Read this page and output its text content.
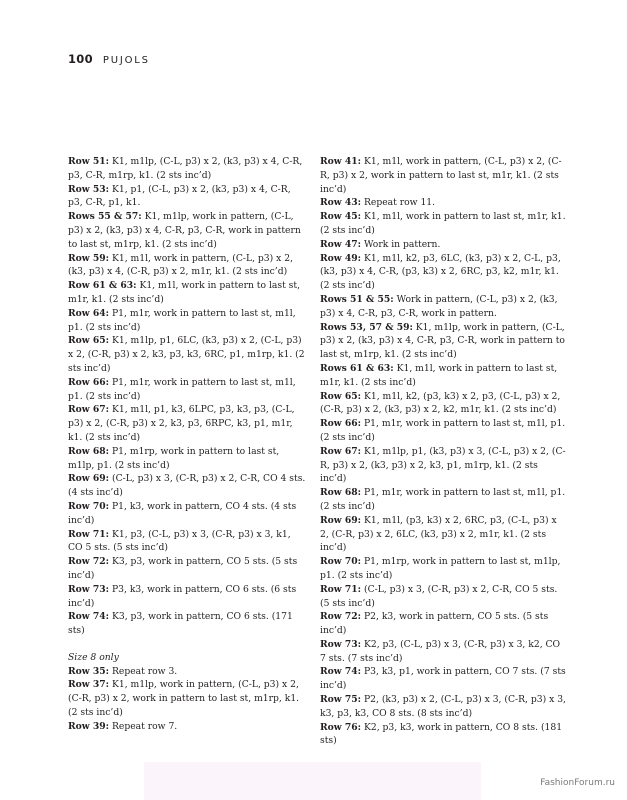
100 PUJOLS

Row 51: K1, m1lp, (C-L, p3) x 2, (k3, p3) x 4, C-R, p3, C-R, m1rp, k1. (2 sts inc’d)

Row 53: K1, p1, (C-L, p3) x 2, (k3, p3) x 4, C-R, p3, C-R, p1, k1.

Rows 55 & 57: K1, m1lp, work in pattern, (C-L, p3) x 2, (k3, p3) x 4, C-R, p3, C-R, work in pattern to last st, m1rp, k1. (2 sts inc’d)

Row 59: K1, m1l, work in pattern, (C-L, p3) x 2, (k3, p3) x 4, (C-R, p3) x 2, m1r, k1. (2 sts inc’d)

Row 61 & 63: K1, m1l, work in pattern to last st, m1r, k1. (2 sts inc’d)

Row 64: P1, m1r, work in pattern to last st, m1l, p1. (2 sts inc’d)

Row 65: K1, m1lp, p1, 6LC, (k3, p3) x 2, (C-L, p3) x 2, (C-R, p3) x 2, k3, p3, k3, 6RC, p1, m1rp, k1. (2 sts inc’d)

Row 66: P1, m1r, work in pattern to last st, m1l, p1. (2 sts inc’d)

Row 67: K1, m1l, p1, k3, 6LPC, p3, k3, p3, (C-L, p3) x 2, (C-R, p3) x 2, k3, p3, 6RPC, k3, p1, m1r, k1. (2 sts inc’d)

Row 68: P1, m1rp, work in pattern to last st, m1lp, p1. (2 sts inc’d)

Row 69: (C-L, p3) x 3, (C-R, p3) x 2, C-R, CO 4 sts. (4 sts inc’d)

Row 70: P1, k3, work in pattern, CO 4 sts. (4 sts inc’d)

Row 71: K1, p3, (C-L, p3) x 3, (C-R, p3) x 3, k1, CO 5 sts. (5 sts inc’d)

Row 72: K3, p3, work in pattern, CO 5 sts. (5 sts inc’d)

Row 73: P3, k3, work in pattern, CO 6 sts. (6 sts inc’d)

Row 74: K3, p3, work in pattern, CO 6 sts. (171 sts)

Size 8 only

Row 35: Repeat row 3.

Row 37: K1, m1lp, work in pattern, (C-L, p3) x 2, (C-R, p3) x 2, work in pattern to last st, m1rp, k1. (2 sts inc’d)

Row 39: Repeat row 7.

Row 41: K1, m1l, work in pattern, (C-L, p3) x 2, (C-R, p3) x 2, work in pattern to last st, m1r, k1. (2 sts inc’d)

Row 43: Repeat row 11.

Row 45: K1, m1l, work in pattern to last st, m1r, k1. (2 sts inc’d)

Row 47: Work in pattern.

Row 49: K1, m1l, k2, p3, 6LC, (k3, p3) x 2, C-L, p3, (k3, p3) x 4, C-R, (p3, k3) x 2, 6RC, p3, k2, m1r, k1. (2 sts inc’d)

Rows 51 & 55: Work in pattern, (C-L, p3) x 2, (k3, p3) x 4, C-R, p3, C-R, work in pattern.

Rows 53, 57 & 59: K1, m1lp, work in pattern, (C-L, p3) x 2, (k3, p3) x 4, C-R, p3, C-R, work in pattern to last st, m1rp, k1. (2 sts inc’d)

Rows 61 & 63: K1, m1l, work in pattern to last st, m1r, k1. (2 sts inc’d)

Row 65: K1, m1l, k2, (p3, k3) x 2, p3, (C-L, p3) x 2, (C-R, p3) x 2, (k3, p3) x 2, k2, m1r, k1. (2 sts inc’d)

Row 66: P1, m1r, work in pattern to last st, m1l, p1. (2 sts inc’d)

Row 67: K1, m1lp, p1, (k3, p3) x 3, (C-L, p3) x 2, (C-R, p3) x 2, (k3, p3) x 2, k3, p1, m1rp, k1. (2 sts inc’d)

Row 68: P1, m1r, work in pattern to last st, m1l, p1. (2 sts inc’d)

Row 69: K1, m1l, (p3, k3) x 2, 6RC, p3, (C-L, p3) x 2, (C-R, p3) x 2, 6LC, (k3, p3) x 2, m1r, k1. (2 sts inc’d)

Row 70: P1, m1rp, work in pattern to last st, m1lp, p1. (2 sts inc’d)

Row 71: (C-L, p3) x 3, (C-R, p3) x 2, C-R, CO 5 sts. (5 sts inc’d)

Row 72: P2, k3, work in pattern, CO 5 sts. (5 sts inc’d)

Row 73: K2, p3, (C-L, p3) x 3, (C-R, p3) x 3, k2, CO 7 sts. (7 sts inc’d)

Row 74: P3, k3, p1, work in pattern, CO 7 sts. (7 sts inc’d)

Row 75: P2, (k3, p3) x 2, (C-L, p3) x 3, (C-R, p3) x 3, k3, p3, k3, CO 8 sts. (8 sts inc’d)

Row 76: K2, p3, k3, work in pattern, CO 8 sts. (181 sts)

FashionForum.ru
